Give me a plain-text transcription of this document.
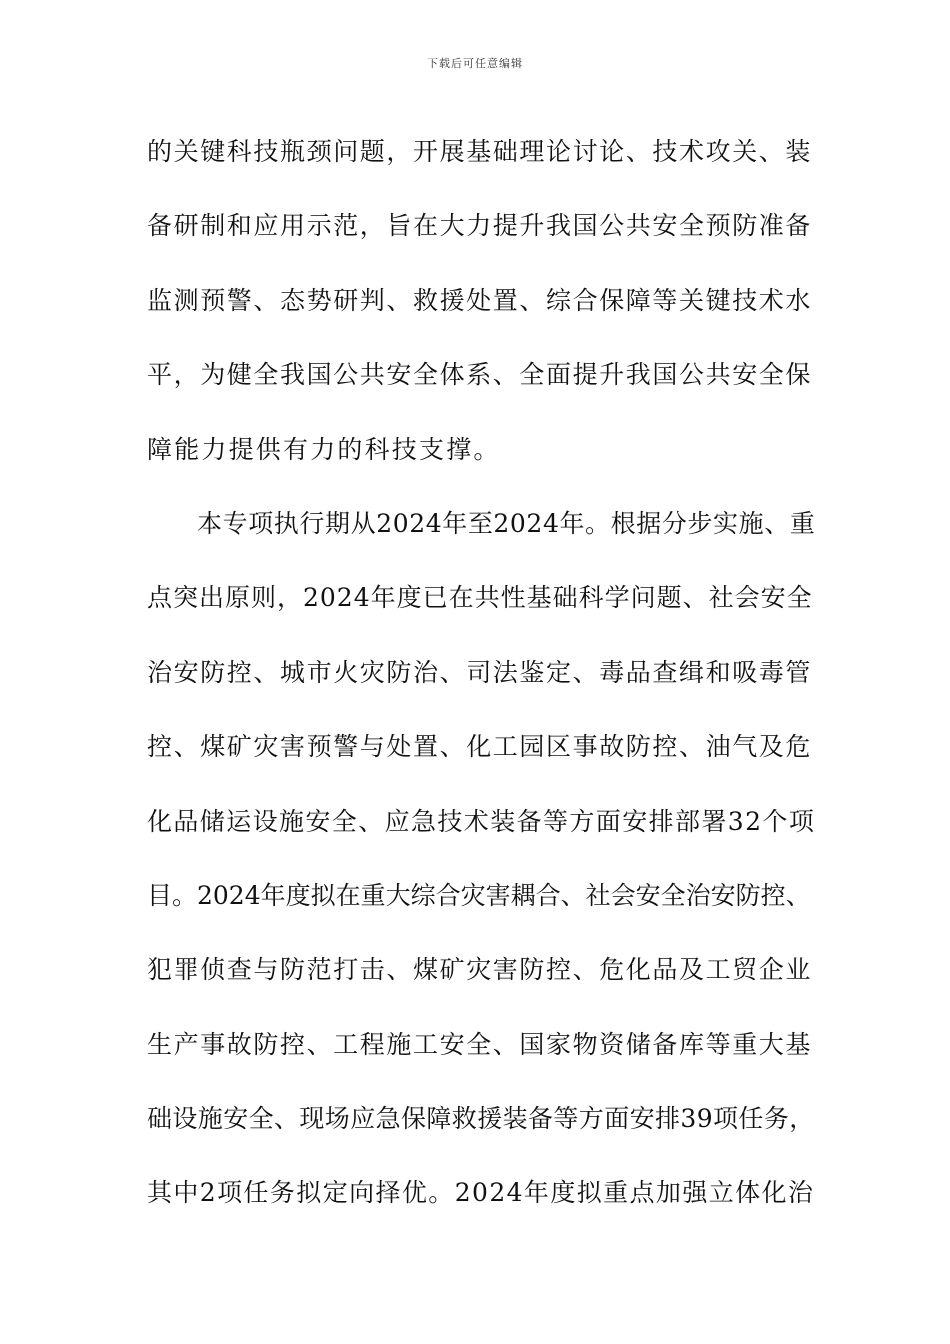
下载后可任意编辑
的关键科技瓶颈问题，开展基础理论讨论、技术攻关、装
备研制和应用示范，旨在大力提升我国公共安全预防准备
监测预警、态势研判、救援处置、综合保障等关键技术水
平，为健全我国公共安全体系、全面提升我国公共安全保
障能力提供有力的科技支撑。
本专项执行期从2024年至2024年。根据分步实施、重
点突出原则，2024年度已在共性基础科学问题、社会安全
治安防控、城市火灾防治、司法鉴定、毒品查缉和吸毒管
控、煤矿灾害预警与处置、化工园区事故防控、油气及危
化品储运设施安全、应急技术装备等方面安排部署32个项
目。2024年度拟在重大综合灾害耦合、社会安全治安防控、
犯罪侦查与防范打击、煤矿灾害防控、危化品及工贸企业
生产事故防控、工程施工安全、国家物资储备库等重大基
础设施安全、现场应急保障救援装备等方面安排39项任务，
其中2项任务拟定向择优。2024年度拟重点加强立体化治
